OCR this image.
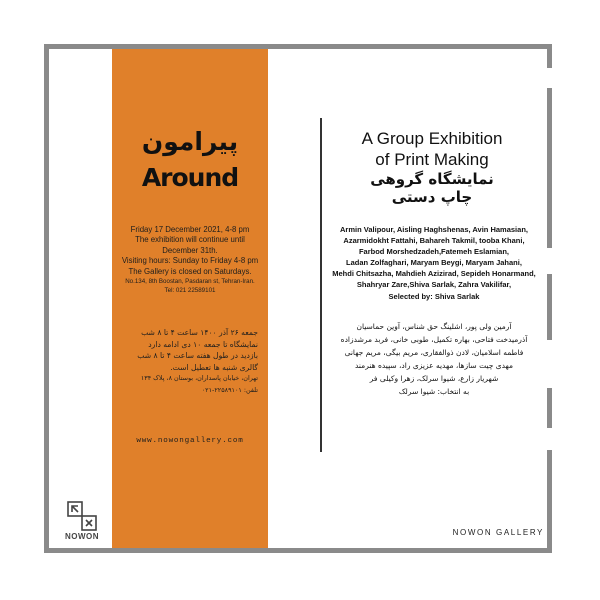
پیرامون
Around
Friday 17 December 2021, 4-8 pm
The exhibition will continue until
December 31th.
Visiting hours: Sunday to Friday 4-8 pm
The Gallery is closed on Saturdays.
No.134, 8th Boostan, Pasdaran st, Tehran-Iran.
Tel: 021 22589101
جمعه ۲۶ آذر ۱۴۰۰ ساعت ۴ تا ۸ شب
نمایشگاه تا جمعه ۱۰ دی ادامه دارد
بازدید در طول هفته ساعت ۴ تا ۸ شب
گالری شنبه ها تعطیل است.
تهران، خیابان پاسداران، بوستان ۸، پلاک ۱۳۴
تلفن: ۲۲۵۸۹۱۰۱-۰۲۱
www.nowongallery.com
NOWON
A Group Exhibition
of Print Making
نمایشگاه گروهی
چاپ دستی
Armin Valipour, Aisling Haghshenas, Avin Hamasian,
Azarmidokht Fattahi, Bahareh Takmil, tooba Khani,
Farbod Morshedzadeh,Fatemeh Eslamian,
Ladan Zolfaghari, Maryam Beygi, Maryam Jahani,
Mehdi Chitsazha, Mahdieh Azizirad, Sepideh Honarmand,
Shahryar Zare,Shiva Sarlak, Zahra Vakilifar,
Selected by: Shiva Sarlak
آرمین ولی پور، اشلینگ حق شناس، آوین حماسیان
آذرمیدخت فتاحی، بهاره تکمیل، طوبی خانی، فربد مرشدزاده
فاطمه اسلامیان، لادن ذوالفقاری، مریم بیگی، مریم جهانی
مهدی چیت سازها، مهدیه عزیزی راد، سپیده هنرمند
شهریار زارع، شیوا سرلک، زهرا وکیلی فر
به انتخاب: شیوا سرلک
NOWON GALLERY
